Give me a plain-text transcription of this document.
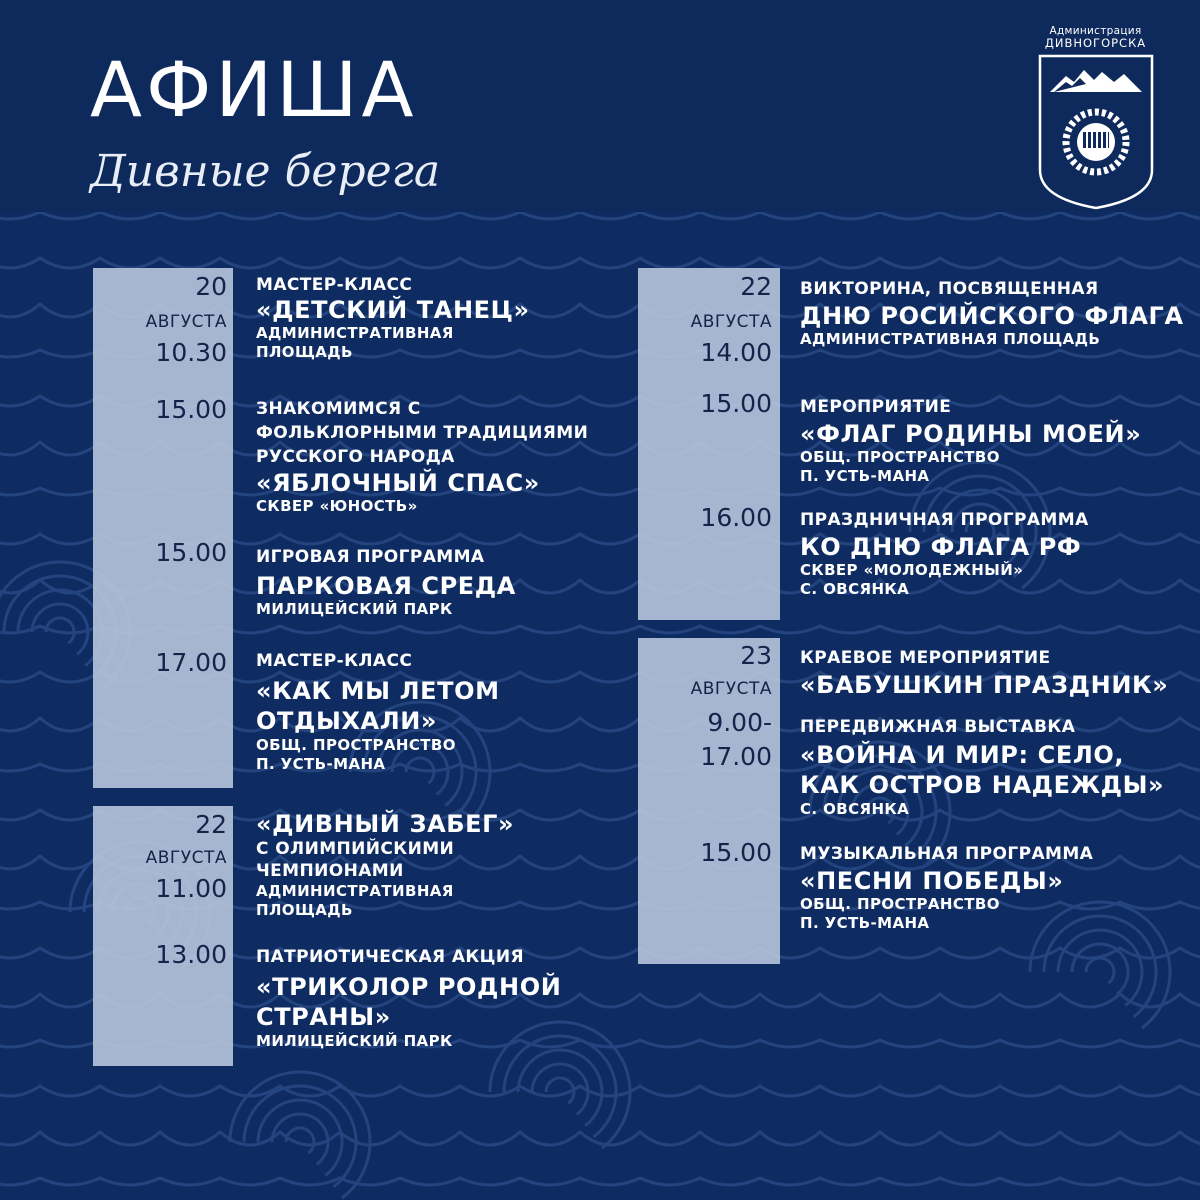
АФИША
Дивные берега
Администрация
ДИВНОГОРСКА
20
АВГУСТА
10.30
15.00
15.00
17.00
22
АВГУСТА
11.00
13.00
22
АВГУСТА
14.00
15.00
16.00
23
АВГУСТА
9.00-
17.00
15.00
МАСТЕР-КЛАСС
«ДЕТСКИЙ ТАНЕЦ»
АДМИНИСТРАТИВНАЯ
ПЛОЩАДЬ
ЗНАКОМИМСЯ С
ФОЛЬКЛОРНЫМИ ТРАДИЦИЯМИ
РУССКОГО НАРОДА
«ЯБЛОЧНЫЙ СПАС»
СКВЕР «ЮНОСТЬ»
ИГРОВАЯ ПРОГРАММА
ПАРКОВАЯ СРЕДА
МИЛИЦЕЙСКИЙ ПАРК
МАСТЕР-КЛАСС
«КАК МЫ ЛЕТОМ
ОТДЫХАЛИ»
ОБЩ. ПРОСТРАНСТВО
П. УСТЬ-МАНА
«ДИВНЫЙ ЗАБЕГ»
С ОЛИМПИЙСКИМИ
ЧЕМПИОНАМИ
АДМИНИСТРАТИВНАЯ
ПЛОЩАДЬ
ПАТРИОТИЧЕСКАЯ АКЦИЯ
«ТРИКОЛОР РОДНОЙ
СТРАНЫ»
МИЛИЦЕЙСКИЙ ПАРК
ВИКТОРИНА, ПОСВЯЩЕННАЯ
ДНЮ РОСИЙСКОГО ФЛАГА
АДМИНИСТРАТИВНАЯ ПЛОЩАДЬ
МЕРОПРИЯТИЕ
«ФЛАГ РОДИНЫ МОЕЙ»
ОБЩ. ПРОСТРАНСТВО
П. УСТЬ-МАНА
ПРАЗДНИЧНАЯ ПРОГРАММА
КО ДНЮ ФЛАГА РФ
СКВЕР «МОЛОДЕЖНЫЙ»
С. ОВСЯНКА
КРАЕВОЕ МЕРОПРИЯТИЕ
«БАБУШКИН ПРАЗДНИК»
ПЕРЕДВИЖНАЯ ВЫСТАВКА
«ВОЙНА И МИР: СЕЛО,
КАК ОСТРОВ НАДЕЖДЫ»
С. ОВСЯНКА
МУЗЫКАЛЬНАЯ ПРОГРАММА
«ПЕСНИ ПОБЕДЫ»
ОБЩ. ПРОСТРАНСТВО
П. УСТЬ-МАНА
